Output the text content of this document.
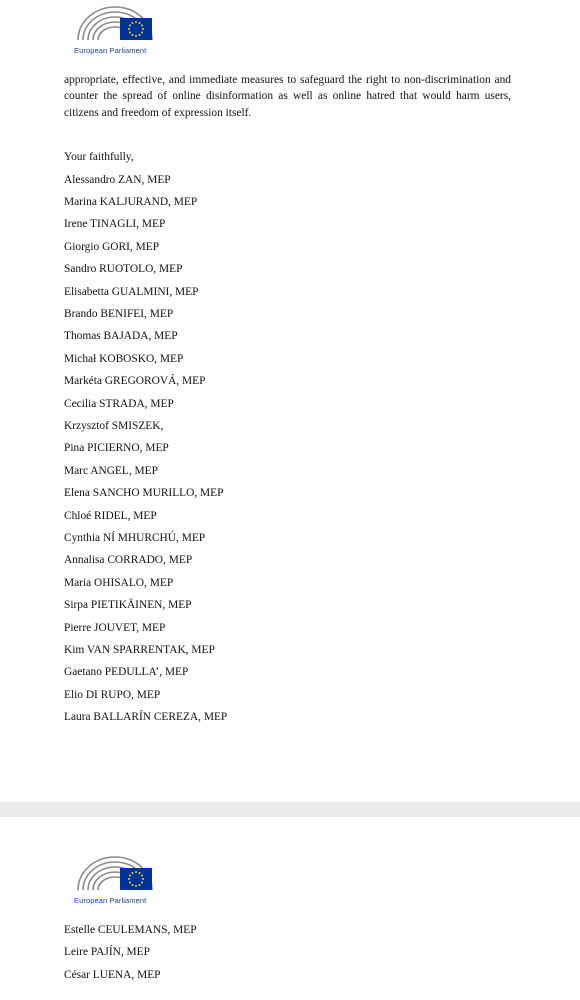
European Parliament

appropriate, effective, and immediate measures to safeguard the right to non-discrimination and counter the spread of online disinformation as well as online hatred that would harm users, citizens and freedom of expression itself.

Your faithfully,
Alessandro ZAN, MEP
Marina KALJURAND, MEP
Irene TINAGLI, MEP
Giorgio GORI, MEP
Sandro RUOTOLO, MEP
Elisabetta GUALMINI, MEP
Brando BENIFEI, MEP
Thomas BAJADA, MEP
Michał KOBOSKO, MEP
Markéta GREGOROVÁ, MEP
Cecilia STRADA, MEP
Krzysztof SMISZEK,
Pina PICIERNO, MEP
Marc ANGEL, MEP
Elena SANCHO MURILLO, MEP
Chloé RIDEL, MEP
Cynthia NÍ MHURCHÚ, MEP
Annalisa CORRADO, MEP
Maria OHISALO, MEP
Sirpa PIETIKÄINEN, MEP
Pierre JOUVET, MEP
Kim VAN SPARRENTAK, MEP
Gaetano PEDULLA’, MEP
Elio DI RUPO, MEP
Laura BALLARÍN CEREZA, MEP
European Parliament
Estelle CEULEMANS, MEP
Leire PAJÍN, MEP
César LUENA, MEP
